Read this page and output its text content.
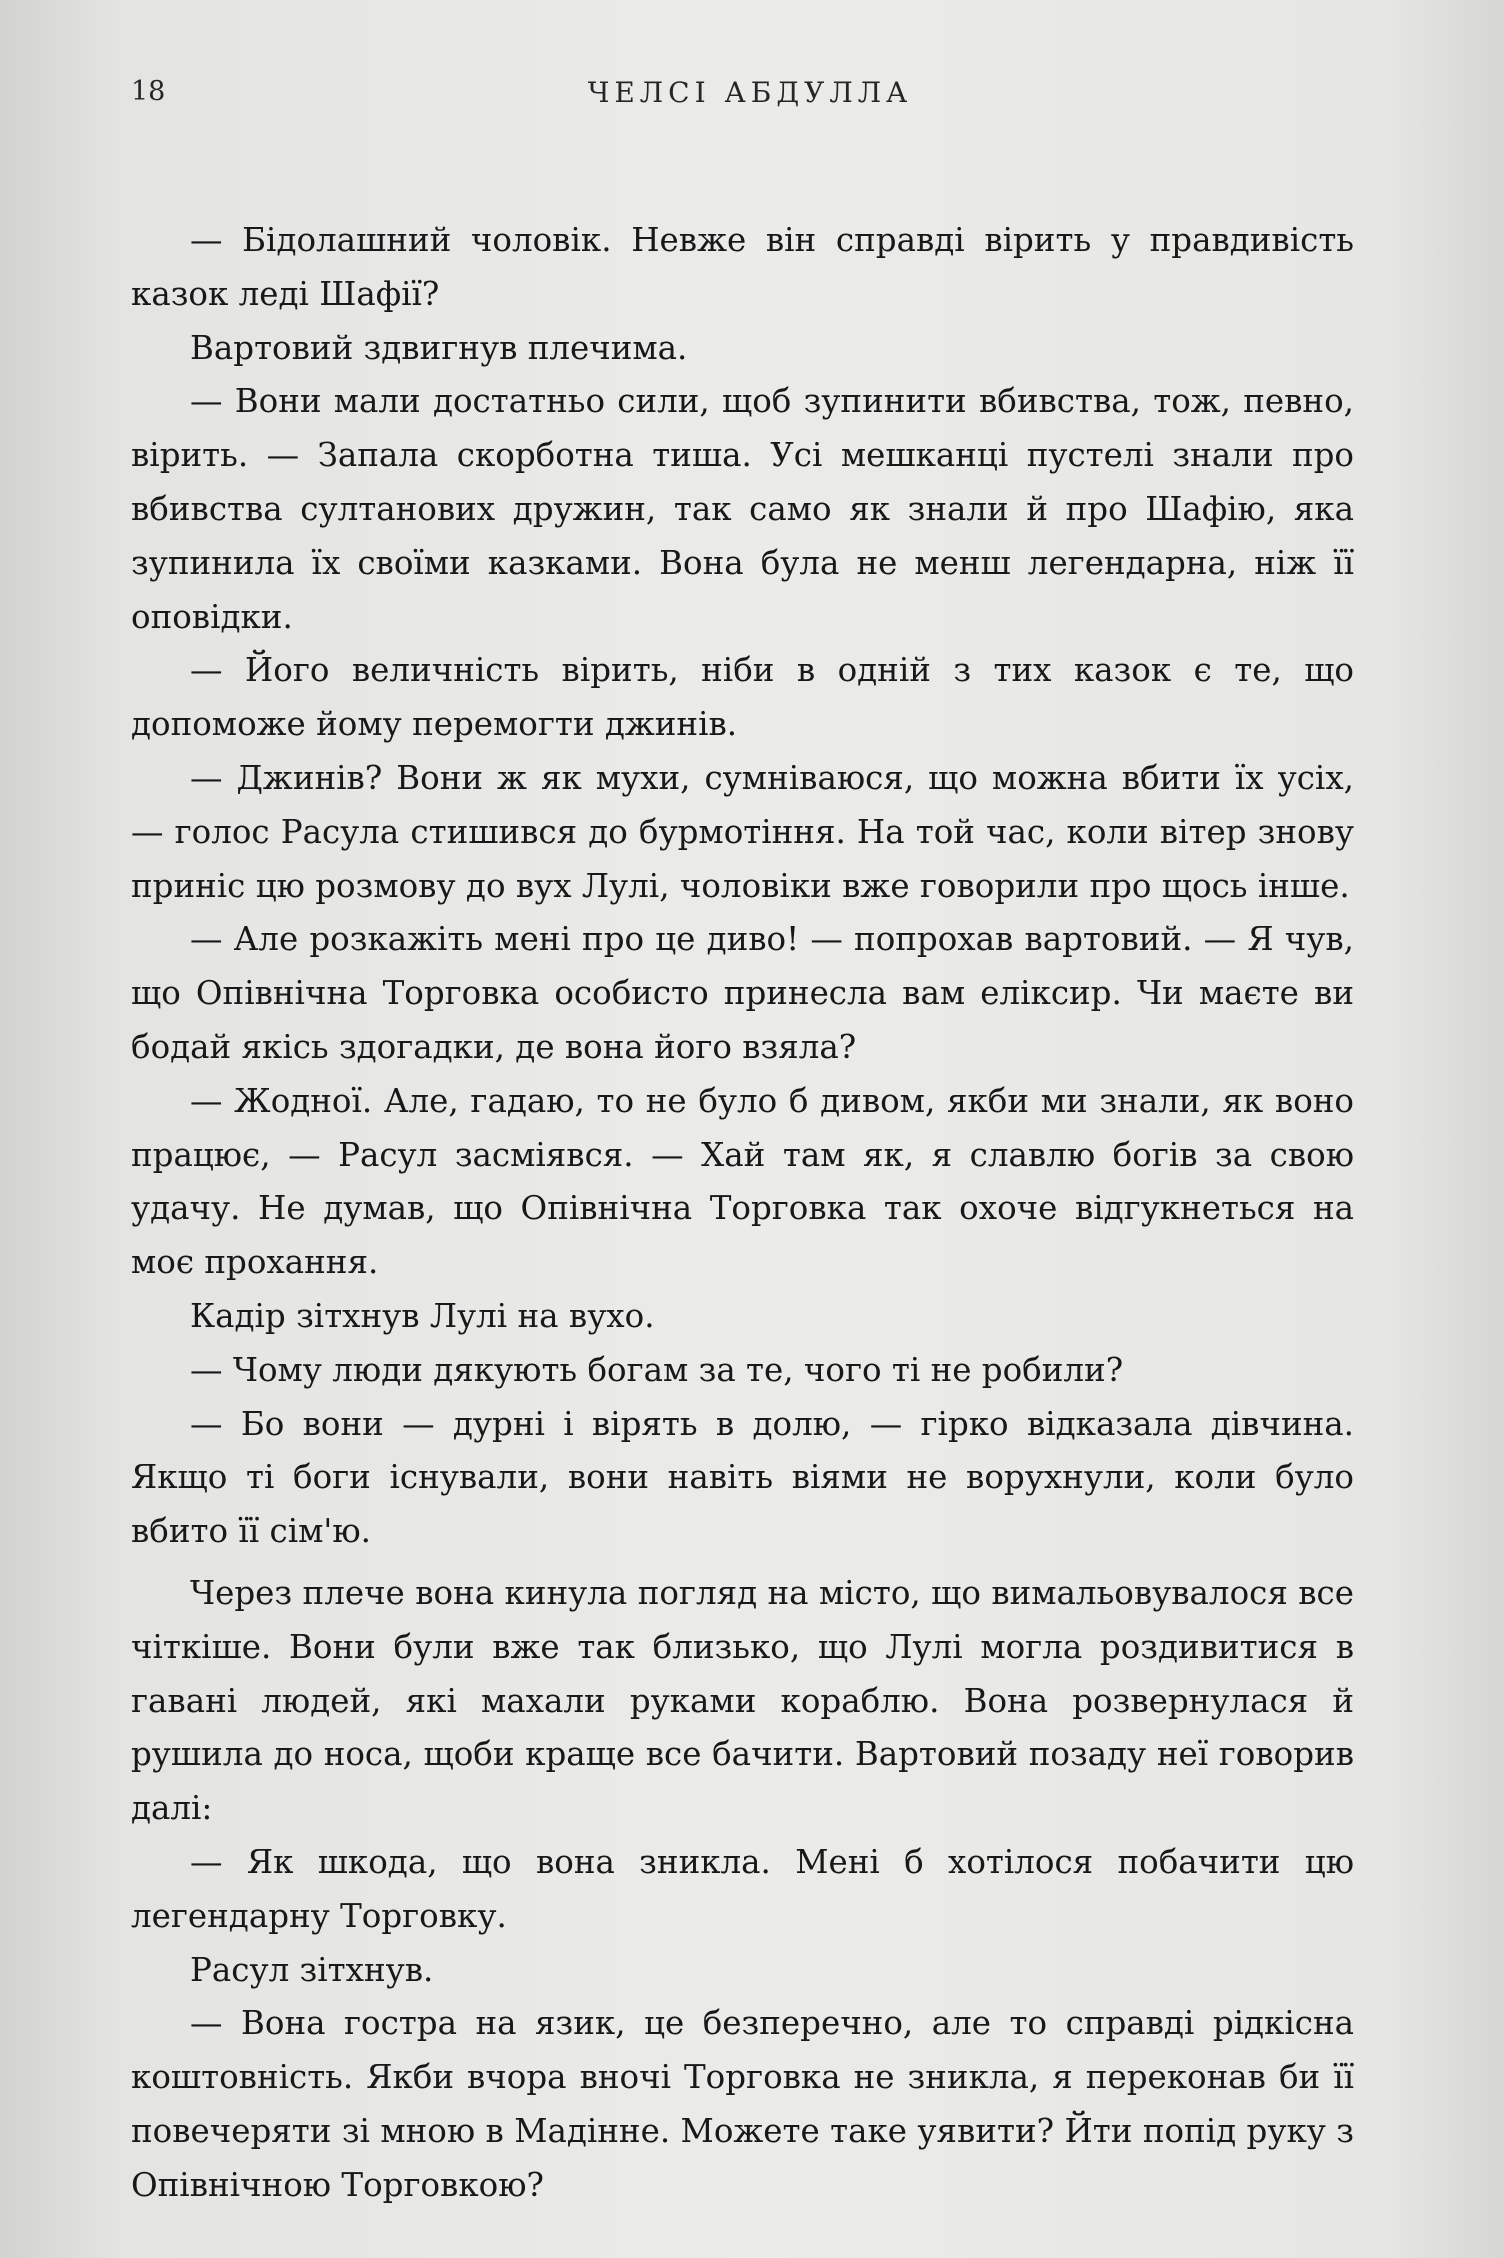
18	ЧЕЛСІ АБДУЛЛА

— Бідолашний чоловік. Невже він справді вірить у правдивість казок леді Шафії?

Вартовий здвигнув плечима.

— Вони мали достатньо сили, щоб зупинити вбивства, тож, певно, вірить. — Запала скорботна тиша. Усі мешканці пустелі знали про вбивства султанових дружин, так само як знали й про Шафію, яка зупинила їх своїми казками. Вона була не менш легендарна, ніж її оповідки.

— Його величність вірить, ніби в одній з тих казок є те, що допоможе йому перемогти джинів.

— Джинів? Вони ж як мухи, сумніваюся, що можна вбити їх усіх, — голос Расула стишився до бурмотіння. На той час, коли вітер знову приніс цю розмову до вух Лулі, чоловіки вже говорили про щось інше.

— Але розкажіть мені про це диво! — попрохав вартовий. — Я чув, що Опівнічна Торговка особисто принесла вам еліксир. Чи маєте ви бодай якісь здогадки, де вона його взяла?

— Жодної. Але, гадаю, то не було б дивом, якби ми знали, як воно працює, — Расул засміявся. — Хай там як, я славлю богів за свою удачу. Не думав, що Опівнічна Торговка так охоче відгукнеться на моє прохання.

Кадір зітхнув Лулі на вухо.

— Чому люди дякують богам за те, чого ті не робили?

— Бо вони — дурні і вірять в долю, — гірко відказала дівчина. Якщо ті боги існували, вони навіть віями не ворухнули, коли було вбито її сім'ю.

Через плече вона кинула погляд на місто, що вимальовувалося все чіткіше. Вони були вже так близько, що Лулі могла роздивитися в гавані людей, які махали руками кораблю. Вона розвернулася й рушила до носа, щоби краще все бачити. Вартовий позаду неї говорив далі:

— Як шкода, що вона зникла. Мені б хотілося побачити цю легендарну Торговку.

Расул зітхнув.

— Вона гостра на язик, це безперечно, але то справді рідкісна коштовність. Якби вчора вночі Торговка не зникла, я переконав би її повечеряти зі мною в Мадінне. Можете таке уявити? Йти попід руку з Опівнічною Торговкою?
